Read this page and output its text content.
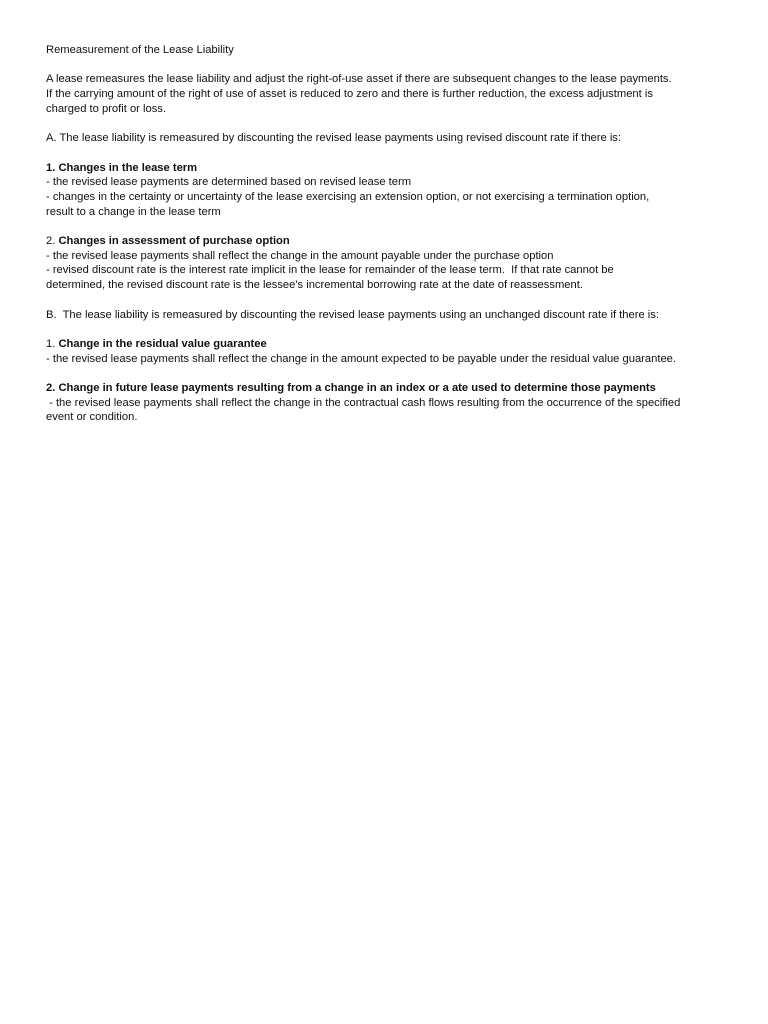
Remeasurement of the Lease Liability
A lease remeasures the lease liability and adjust the right-of-use asset if there are subsequent changes to the lease payments.
If the carrying amount of the right of use of asset is reduced to zero and there is further reduction, the excess adjustment is
charged to profit or loss.
A. The lease liability is remeasured by discounting the revised lease payments using revised discount rate if there is:
1. Changes in the lease term
- the revised lease payments are determined based on revised lease term
- changes in the certainty or uncertainty of the lease exercising an extension option, or not exercising a termination option,
result to a change in the lease term
2. Changes in assessment of purchase option
- the revised lease payments shall reflect the change in the amount payable under the purchase option
- revised discount rate is the interest rate implicit in the lease for remainder of the lease term.  If that rate cannot be
determined, the revised discount rate is the lessee's incremental borrowing rate at the date of reassessment.
B.  The lease liability is remeasured by discounting the revised lease payments using an unchanged discount rate if there is:
1. Change in the residual value guarantee
- the revised lease payments shall reflect the change in the amount expected to be payable under the residual value guarantee.
2. Change in future lease payments resulting from a change in an index or a ate used to determine those payments
- the revised lease payments shall reflect the change in the contractual cash flows resulting from the occurrence of the specified
event or condition.
